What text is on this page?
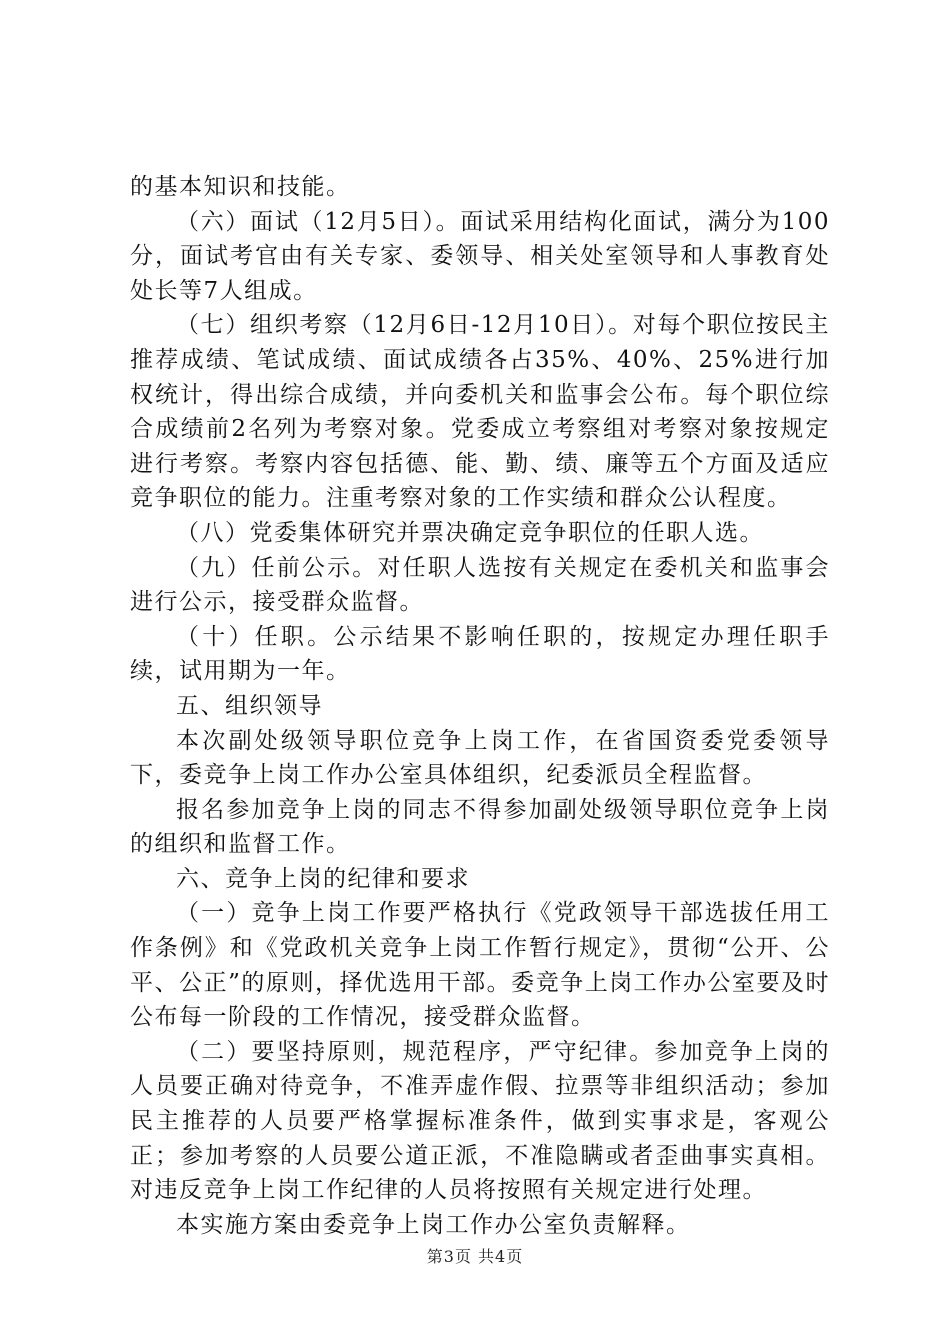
的基本知识和技能。

（六）面试（12月5日）。面试采用结构化面试，满分为100分，面试考官由有关专家、委领导、相关处室领导和人事教育处处长等7人组成。

（七）组织考察（12月6日-12月10日）。对每个职位按民主推荐成绩、笔试成绩、面试成绩各占35%、40%、25%进行加权统计，得出综合成绩，并向委机关和监事会公布。每个职位综合成绩前2名列为考察对象。党委成立考察组对考察对象按规定进行考察。考察内容包括德、能、勤、绩、廉等五个方面及适应竞争职位的能力。注重考察对象的工作实绩和群众公认程度。

（八）党委集体研究并票决确定竞争职位的任职人选。

（九）任前公示。对任职人选按有关规定在委机关和监事会进行公示，接受群众监督。

（十）任职。公示结果不影响任职的，按规定办理任职手续，试用期为一年。

五、组织领导

本次副处级领导职位竞争上岗工作，在省国资委党委领导下，委竞争上岗工作办公室具体组织，纪委派员全程监督。

报名参加竞争上岗的同志不得参加副处级领导职位竞争上岗的组织和监督工作。

六、竞争上岗的纪律和要求

（一）竞争上岗工作要严格执行《党政领导干部选拔任用工作条例》和《党政机关竞争上岗工作暂行规定》，贯彻“公开、公平、公正”的原则，择优选用干部。委竞争上岗工作办公室要及时公布每一阶段的工作情况，接受群众监督。

（二）要坚持原则，规范程序，严守纪律。参加竞争上岗的人员要正确对待竞争，不准弄虚作假、拉票等非组织活动；参加民主推荐的人员要严格掌握标准条件，做到实事求是，客观公正；参加考察的人员要公道正派，不准隐瞒或者歪曲事实真相。对违反竞争上岗工作纪律的人员将按照有关规定进行处理。

本实施方案由委竞争上岗工作办公室负责解释。

第3页 共4页
